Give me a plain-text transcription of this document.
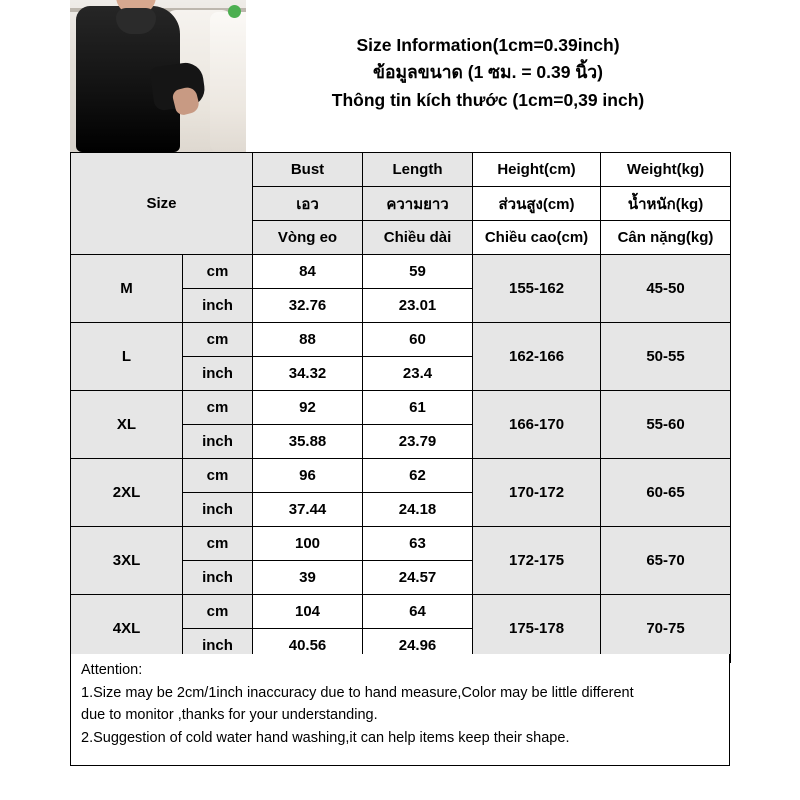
Size Information(1cm=0.39inch)
ข้อมูลขนาด (1 ซม. = 0.39 นิ้ว)
Thông tin kích thước (1cm=0,39 inch)
Size		Bust	Length	Height(cm)	Weight(kg)
		เอว	ความยาว	ส่วนสูง(cm)	น้ำหนัก(kg)
		Vòng eo	Chiều dài	Chiều cao(cm)	Cân nặng(kg)
M	cm	84	59	155-162	45-50
	inch	32.76	23.01		
L	cm	88	60	162-166	50-55
	inch	34.32	23.4		
XL	cm	92	61	166-170	55-60
	inch	35.88	23.79		
2XL	cm	96	62	170-172	60-65
	inch	37.44	24.18		
3XL	cm	100	63	172-175	65-70
	inch	39	24.57		
4XL	cm	104	64	175-178	70-75
	inch	40.56	24.96		

Attention:

1.Size may be 2cm/1inch inaccuracy due to hand measure,Color may be little different

due to monitor ,thanks for your understanding.

2.Suggestion of cold water hand washing,it can help items keep their shape.
